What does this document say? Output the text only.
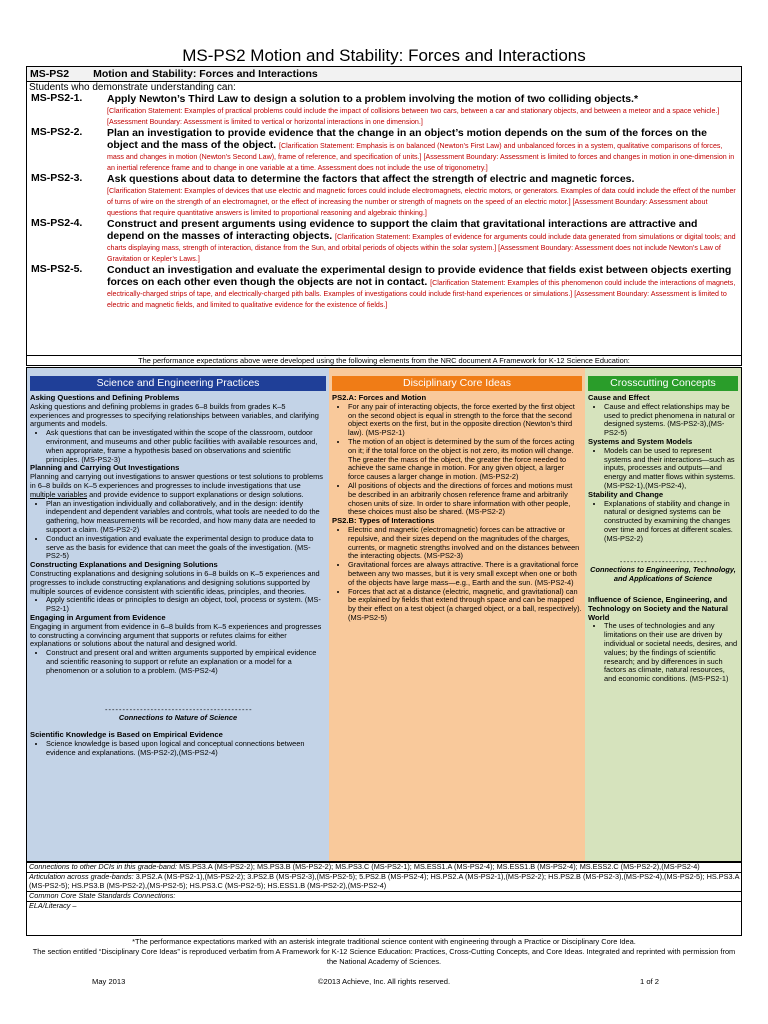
MS-PS2 Motion and Stability: Forces and Interactions
MS-PS2 Motion and Stability: Forces and Interactions
Students who demonstrate understanding can:
MS-PS2-1.	Apply Newton’s Third Law to design a solution to a problem involving the motion of two colliding objects.*
[Clarification Statement: Examples of practical problems could include the impact of collisions between two cars, between a car and stationary objects, and between a meteor and a space vehicle.] [Assessment Boundary: Assessment is limited to vertical or horizontal interactions in one dimension.]
MS-PS2-2.	Plan an investigation to provide evidence that the change in an object’s motion depends on the sum of the forces on the object and the mass of the object. [Clarification Statement: Emphasis is on balanced (Newton’s First Law) and unbalanced forces in a system, qualitative comparisons of forces, mass and changes in motion (Newton’s Second Law), frame of reference, and specification of units.] [Assessment Boundary: Assessment is limited to forces and changes in motion in one-dimension in an inertial reference frame and to change in one variable at a time. Assessment does not include the use of trigonometry.]
MS-PS2-3.	Ask questions about data to determine the factors that affect the strength of electric and magnetic forces.
[Clarification Statement: Examples of devices that use electric and magnetic forces could include electromagnets, electric motors, or generators. Examples of data could include the effect of the number of turns of wire on the strength of an electromagnet, or the effect of increasing the number or strength of magnets on the speed of an electric motor.] [Assessment Boundary: Assessment about questions that require quantitative answers is limited to proportional reasoning and algebraic thinking.]
MS-PS2-4.	Construct and present arguments using evidence to support the claim that gravitational interactions are attractive and depend on the masses of interacting objects. [Clarification Statement: Examples of evidence for arguments could include data generated from simulations or digital tools; and charts displaying mass, strength of interaction, distance from the Sun, and orbital periods of objects within the solar system.] [Assessment Boundary: Assessment does not include Newton’s Law of Gravitation or Kepler’s Laws.]
MS-PS2-5.	Conduct an investigation and evaluate the experimental design to provide evidence that fields exist between objects exerting forces on each other even though the objects are not in contact. [Clarification Statement: Examples of this phenomenon could include the interactions of magnets, electrically-charged strips of tape, and electrically-charged pith balls. Examples of investigations could include first-hand experiences or simulations.] [Assessment Boundary: Assessment is limited to electric and magnetic fields, and limited to qualitative evidence for the existence of fields.]
The performance expectations above were developed using the following elements from the NRC document A Framework for K-12 Science Education:
Science and Engineering Practices
Asking Questions and Defining Problems

Asking questions and defining problems in grades 6–8 builds from grades K–5 experiences and progresses to specifying relationships between variables, and clarifying arguments and models.

• Ask questions that can be investigated within the scope of the classroom, outdoor environment, and museums and other public facilities with available resources and, when appropriate, frame a hypothesis based on observations and scientific principles. (MS-PS2-3)
Planning and Carrying Out Investigations

Planning and carrying out investigations to answer questions or test solutions to problems in 6–8 builds on K–5 experiences and progresses to include investigations that use multiple variables and provide evidence to support explanations or design solutions.

• Plan an investigation individually and collaboratively, and in the design: identify independent and dependent variables and controls, what tools are needed to do the gathering, how measurements will be recorded, and how many data are needed to support a claim. (MS-PS2-2)
• Conduct an investigation and evaluate the experimental design to produce data to serve as the basis for evidence that can meet the goals of the investigation. (MS-PS2-5)
Constructing Explanations and Designing Solutions

Constructing explanations and designing solutions in 6–8 builds on K–5 experiences and progresses to include constructing explanations and designing solutions supported by multiple sources of evidence consistent with scientific ideas, principles, and theories.

• Apply scientific ideas or principles to design an object, tool, process or system. (MS-PS2-1)
Engaging in Argument from Evidence

Engaging in argument from evidence in 6–8 builds from K–5 experiences and progresses to constructing a convincing argument that supports or refutes claims for either explanations or solutions about the natural and designed world.

• Construct and present oral and written arguments supported by empirical evidence and scientific reasoning to support or refute an explanation or a model for a phenomenon or a solution to a problem. (MS-PS2-4)
- - - - - - - - - - - - - - - - - - - - - - - - - - - - - - - - - - - - - - - - - -
Connections to Nature of Science
Scientific Knowledge is Based on Empirical Evidence
• Science knowledge is based upon logical and conceptual connections between evidence and explanations. (MS-PS2-2),(MS-PS2-4)
Disciplinary Core Ideas
PS2.A: Forces and Motion
• For any pair of interacting objects, the force exerted by the first object on the second object is equal in strength to the force that the second object exerts on the first, but in the opposite direction (Newton’s third law). (MS-PS2-1)
• The motion of an object is determined by the sum of the forces acting on it; if the total force on the object is not zero, its motion will change. The greater the mass of the object, the greater the force needed to achieve the same change in motion. For any given object, a larger force causes a larger change in motion. (MS-PS2-2)
• All positions of objects and the directions of forces and motions must be described in an arbitrarily chosen reference frame and arbitrarily chosen units of size. In order to share information with other people, these choices must also be shared. (MS-PS2-2)
PS2.B: Types of Interactions
• Electric and magnetic (electromagnetic) forces can be attractive or repulsive, and their sizes depend on the magnitudes of the charges, currents, or magnetic strengths involved and on the distances between the interacting objects. (MS-PS2-3)
• Gravitational forces are always attractive. There is a gravitational force between any two masses, but it is very small except when one or both of the objects have large mass—e.g., Earth and the sun. (MS-PS2-4)
• Forces that act at a distance (electric, magnetic, and gravitational) can be explained by fields that extend through space and can be mapped by their effect on a test object (a charged object, or a ball, respectively). (MS-PS2-5)
Crosscutting Concepts
Cause and Effect
• Cause and effect relationships may be used to predict phenomena in natural or designed systems. (MS-PS2-3),(MS-PS2-5)
Systems and System Models
• Models can be used to represent systems and their interactions—such as inputs, processes and outputs—and energy and matter flows within systems. (MS-PS2-1),(MS-PS2-4),
Stability and Change
• Explanations of stability and change in natural or designed systems can be constructed by examining the changes over time and forces at different scales. (MS-PS2-2)
- - - - - - - - - - - - - - - - - - - - - - - - -
Connections to Engineering, Technology, and Applications of Science
Influence of Science, Engineering, and Technology on Society and the Natural World
• The uses of technologies and any limitations on their use are driven by individual or societal needs, desires, and values; by the findings of scientific research; and by differences in such factors as climate, natural resources, and economic conditions. (MS-PS2-1)
Connections to other DCIs in this grade-band: MS.PS3.A (MS-PS2-2); MS.PS3.B (MS-PS2-2); MS.PS3.C (MS-PS2-1); MS.ESS1.A (MS-PS2-4); MS.ESS1.B (MS-PS2-4); MS.ESS2.C (MS-PS2-2),(MS-PS2-4)
Articulation across grade-bands: 3.PS2.A (MS-PS2-1),(MS-PS2-2); 3.PS2.B (MS-PS2-3),(MS-PS2-5); 5.PS2.B (MS-PS2-4); HS.PS2.A (MS-PS2-1),(MS-PS2-2); HS.PS2.B (MS-PS2-3),(MS-PS2-4),(MS-PS2-5); HS.PS3.A (MS-PS2-5); HS.PS3.B (MS-PS2-2),(MS-PS2-5); HS.PS3.C (MS-PS2-5); HS.ESS1.B (MS-PS2-2),(MS-PS2-4)
Common Core State Standards Connections:
ELA/Literacy –
*The performance expectations marked with an asterisk integrate traditional science content with engineering through a Practice or Disciplinary Core Idea.
The section entitled “Disciplinary Core Ideas” is reproduced verbatim from A Framework for K-12 Science Education: Practices, Cross-Cutting Concepts, and Core Ideas. Integrated and reprinted with permission from the National Academy of Sciences.
May 2013	©2013 Achieve, Inc. All rights reserved.	1 of 2
